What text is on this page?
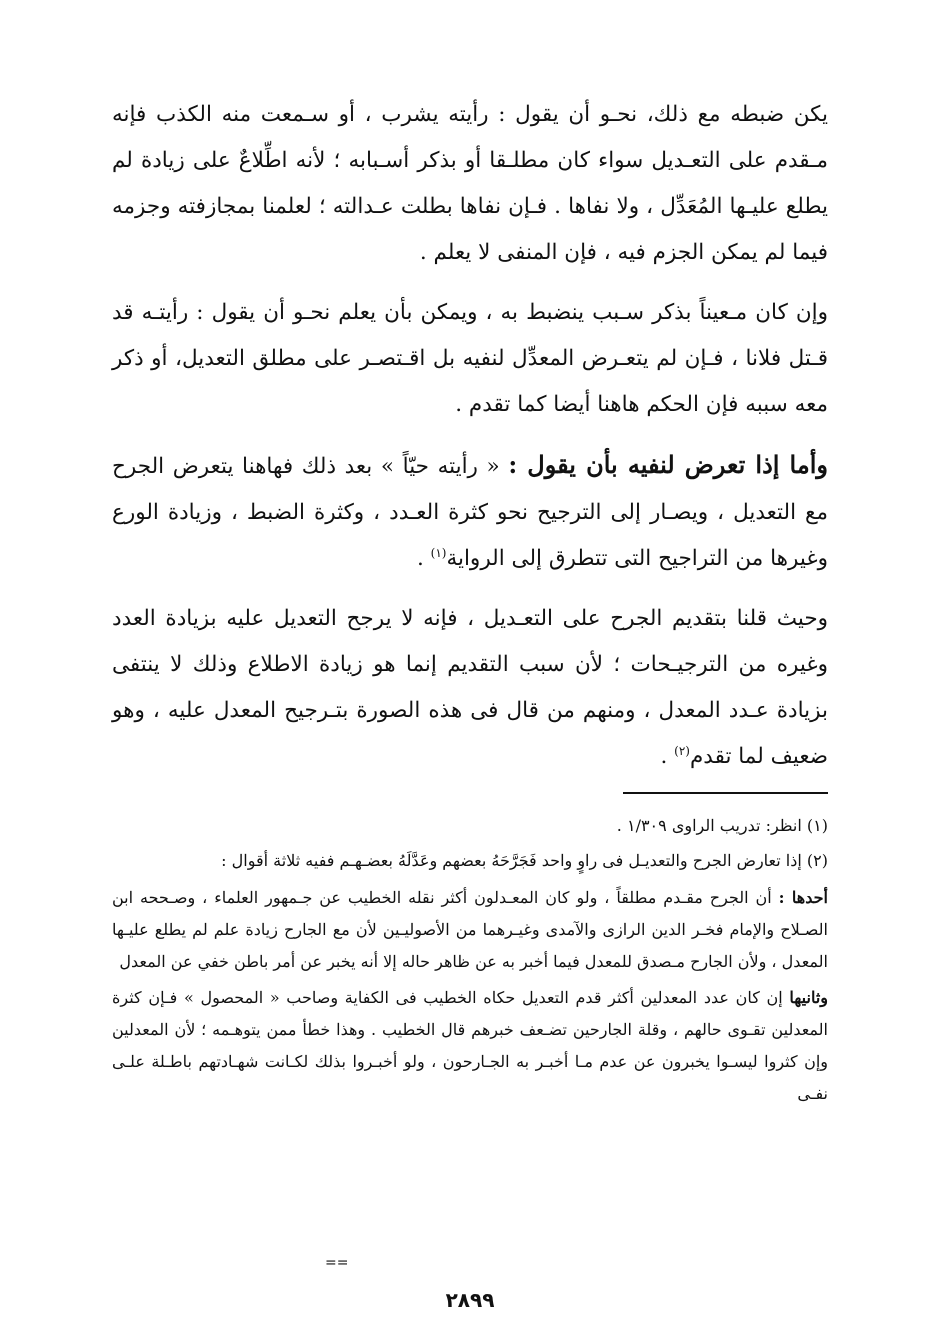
يكن ضبطه مع ذلك، نحـو أن يقول : رأيته يشرب ، أو سـمعت منه الكذب فإنه مـقدم على التعـديل سواء كان مطلـقا أو بذكر أسـبابه ؛ لأنه اطِّلاعٌ على زيادة لم يطلع عليـها المُعَدِّل ، ولا نفاها . فـإن نفاها بطلت عـدالته ؛ لعلمنا بمجازفته وجزمه فيما لم يمكن الجزم فيه ، فإن المنفى لا يعلم .

وإن كان مـعيناً بذكر سـبب ينضبط به ، ويمكن بأن يعلم نحـو أن يقول : رأيتـه قد قـتل فلانا ، فـإن لم يتعـرض المعدِّل لنفيه بل اقـتصـر على مطلق التعديل، أو ذكر معه سببه فإن الحكم هاهنا أيضا كما تقدم .

وأما إذا تعرض لنفيه بأن يقول : « رأيته حيّاً » بعد ذلك فهاهنا يتعرض الجرح مع التعديل ، ويصـار إلى الترجيح نحو كثرة العـدد ، وكثرة الضبط ، وزيادة الورع وغيرها من التراجيح التى تتطرق إلى الرواية$^{(١)}$ .

وحيث قلنا بتقديم الجرح على التعـديل ، فإنه لا يرجح التعديل عليه بزيادة العدد وغيره من الترجيـحات ؛ لأن سبب التقديم إنما هو زيادة الاطلاع وذلك لا ينتفى بزيادة عـدد المعدل ، ومنهم من قال فى هذه الصورة بتـرجيح المعدل عليه ، وهو ضعيف لما تقدم$^{(٢)}$ .

(١) انظر: تدريب الراوى ١/٣٠٩ .

(٢) إذا تعارض الجرح والتعديـل فى راوٍ واحد فَجَرَّحَهُ بعضهم وعَدَّلَهُ بعضـهـم ففيه ثلاثة أقوال :

أحدها : أن الجرح مقـدم مطلقاً ، ولو كان المعـدلون أكثر نقله الخطيب عن جـمهور العلماء ، وصـححه ابن الصـلاح والإمام فخـر الدين الرازى والآمدى وغيـرهما من الأصوليـين لأن مع الجارح زيادة علم لم يطلع عليـها المعدل ، ولأن الجارح مـصدق للمعدل فيما أخبر به عن ظاهر حاله إلا أنه يخبر عن أمر باطن خفي عن المعدل

وثانيها إن كان عدد المعدلين أكثر قدم التعديل حكاه الخطيب فى الكفاية وصاحب « المحصول » فـإن كثرة المعدلين تقـوى حالهم ، وقلة الجارحين تضـعف خبرهم قال الخطيب . وهذا خطأ ممن يتوهـمه ؛ لأن المعدلين وإن كثروا ليسـوا يخبرون عن عدم مـا أخبـر به الجـارحون ، ولو أخبـروا بذلك لكـانت شهـادتهم باطـلة علـى نفـى

==
٢٨٩٩
